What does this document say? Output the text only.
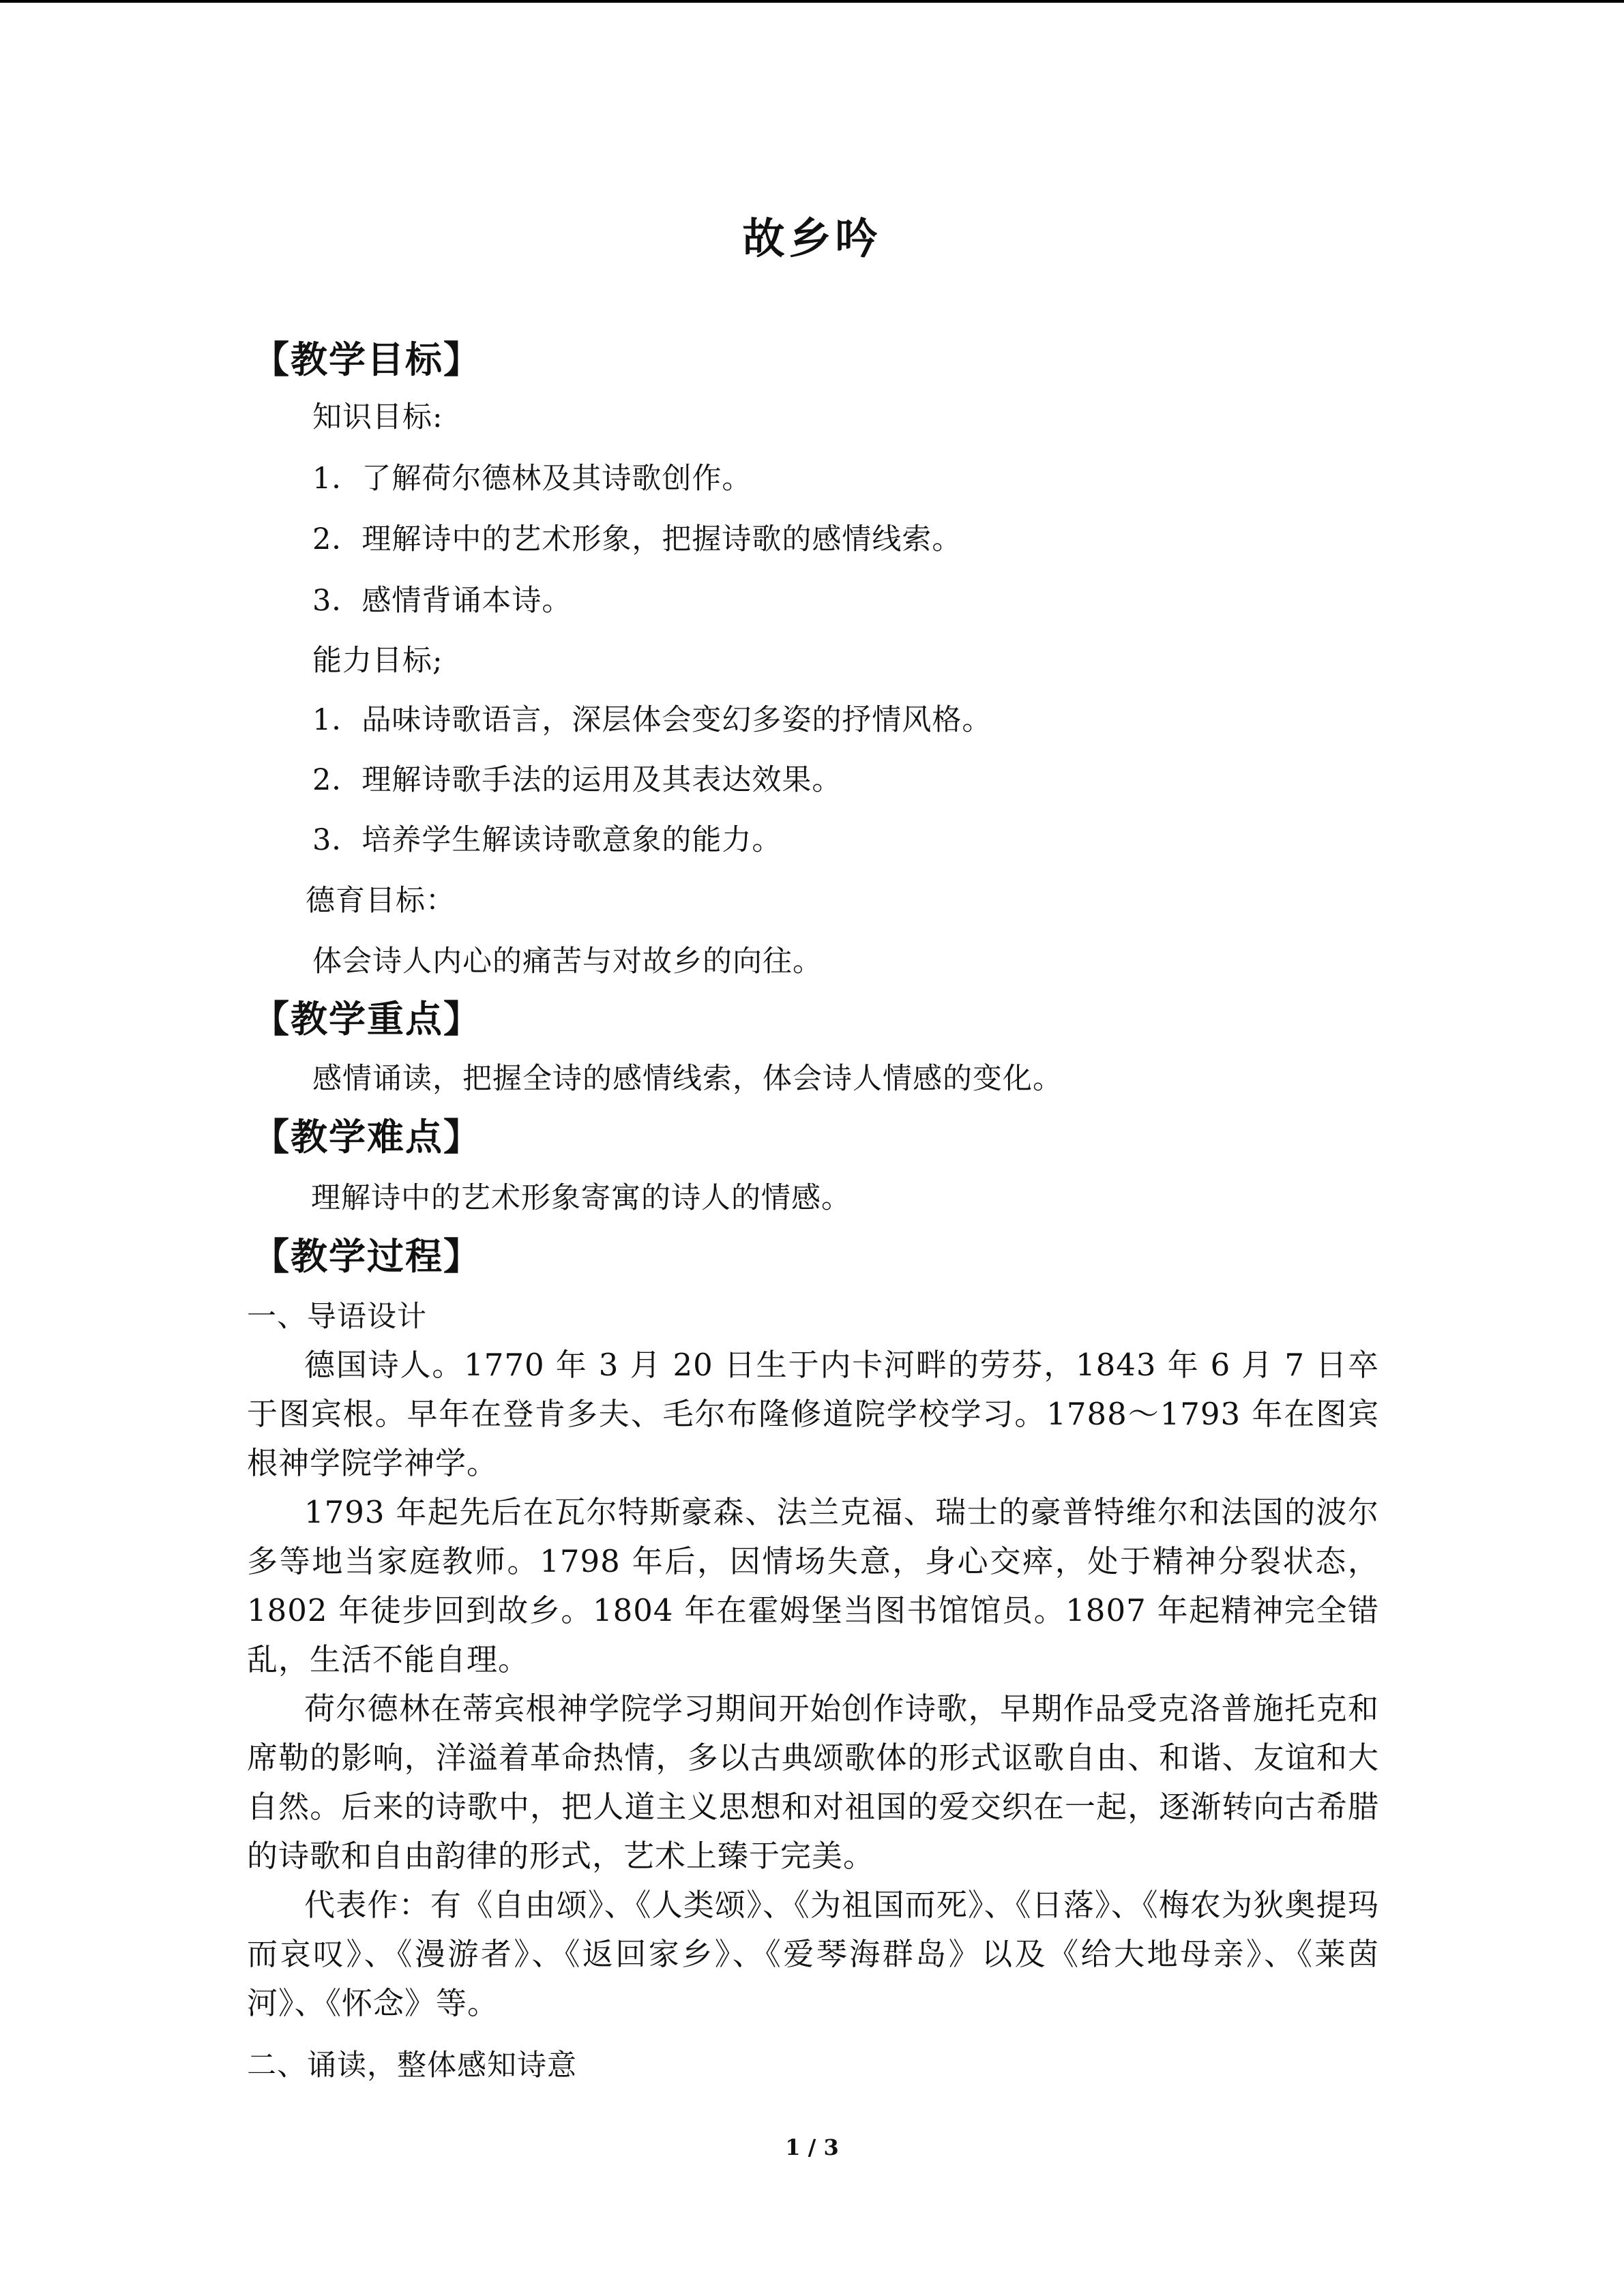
故乡吟
【教学目标】
知识目标:
1．了解荷尔德林及其诗歌创作。
2．理解诗中的艺术形象，把握诗歌的感情线索。
3．感情背诵本诗。
能力目标;
1．品味诗歌语言，深层体会变幻多姿的抒情风格。
2．理解诗歌手法的运用及其表达效果。
3．培养学生解读诗歌意象的能力。
德育目标：
体会诗人内心的痛苦与对故乡的向往。
【教学重点】
感情诵读，把握全诗的感情线索，体会诗人情感的变化。
【教学难点】
理解诗中的艺术形象寄寓的诗人的情感。
【教学过程】
一、导语设计
德国诗人。1770 年 3 月 20 日生于内卡河畔的劳芬，1843 年 6 月 7 日卒于图宾根。早年在登肯多夫、毛尔布隆修道院学校学习。1788～1793 年在图宾根神学院学神学。
1793 年起先后在瓦尔特斯豪森、法兰克福、瑞士的豪普特维尔和法国的波尔多等地当家庭教师。1798 年后，因情场失意，身心交瘁，处于精神分裂状态，1802 年徒步回到故乡。1804 年在霍姆堡当图书馆馆员。1807 年起精神完全错乱，生活不能自理。
荷尔德林在蒂宾根神学院学习期间开始创作诗歌，早期作品受克洛普施托克和席勒的影响，洋溢着革命热情，多以古典颂歌体的形式讴歌自由、和谐、友谊和大自然。后来的诗歌中，把人道主义思想和对祖国的爱交织在一起，逐渐转向古希腊的诗歌和自由韵律的形式，艺术上臻于完美。
代表作：有《自由颂》、《人类颂》、《为祖国而死》、《日落》、《梅农为狄奥提玛而哀叹》、《漫游者》、《返回家乡》、《爱琴海群岛》以及《给大地母亲》、《莱茵河》、《怀念》等。
二、诵读，整体感知诗意
1 / 3
